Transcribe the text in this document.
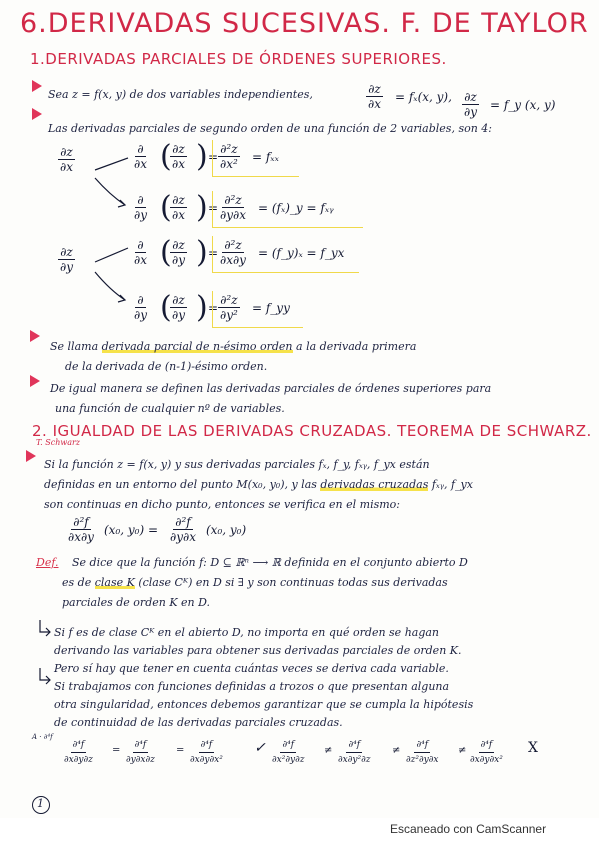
6.DERIVADAS SUCESIVAS. F. DE TAYLOR
1.DERIVADAS PARCIALES DE ÓRDENES SUPERIORES.
Sea z = f(x, y) de dos variables independientes,	$\frac{\partial z}{\partial x} = f_x(x$, y), $\frac{\partial z}{\partial y}$ = f_y (x, y)
Las derivadas parciales de segundo orden de una función de 2 variables, son 4:
$\frac{\partial z}{\partial x}$
$\frac{\partial z}{\partial y}$
∂
∂x (
$\frac{\partial z}{\partial x}$ ) = $\frac{\text{∂²z}}{\text{∂x²}} = f_{xx}$
∂
∂y (
$\frac{\partial z}{\partial x}$ ) = $\frac{\text{∂²z}}{\partial y\partial x}$ = (fₓ)_y = fₓᵧ
∂
∂x (
$\frac{\partial z}{\partial y}$ ) = $\frac{\text{∂²z}}{\partial x\partial y}$ = (f_y)ₓ = f_yx
∂
∂y (
$\frac{\partial z}{\partial y}$ ) = $\frac{\text{∂²z}}{\text{∂y²}}$ = f_yy
Se llama derivada parcial de n-ésimo orden a la derivada primera
de la derivada de (n-1)-ésimo orden.
De igual manera se definen las derivadas parciales de órdenes superiores para
una función de cualquier nº de variables.
2. IGUALDAD DE LAS DERIVADAS CRUZADAS. TEOREMA DE SCHWARZ.
T. Schwarz
Si la función z = f(x, y) y sus derivadas parciales fₓ, f_y, fₓᵧ, f_yx están
definidas en un entorno del punto M(x₀, y₀), y las derivadas cruzadas fₓᵧ, f_yx
son continuas en dicho punto, entonces se verifica en el mismo:
$\frac{\text{∂²f}}{\partial x\partial y} (x_0$, $y_0) = \frac{\text{∂²f}}{\partial y\partial x} (x_0$, y₀)
Def. Se dice que la función f: D ⊆ ℝⁿ ⟶ ℝ definida en el conjunto abierto D
es de clase K (clase Cᴷ) en D si ∃ y son continuas todas sus derivadas
parciales de orden K en D.
Si f es de clase Cᴷ en el abierto D, no importa en qué orden se hagan
derivando las variables para obtener sus derivadas parciales de orden K.
Pero sí hay que tener en cuenta cuántas veces se deriva cada variable.
Si trabajamos con funciones definidas a trozos o que presentan alguna
otra singularidad, entonces debemos garantizar que se cumpla la hipótesis
de continuidad de las derivadas parciales cruzadas.
A · ∂⁴f
$\frac{\text{∂⁴f}}{\partial x\partial y\partial z} = \frac{\text{∂⁴f}}{\partial y\partial x\partial z} = \frac{\text{∂⁴f}}{\text{∂x∂y∂x²}}$ ✓ $\frac{\text{∂⁴f}}{\text{∂x²∂y∂z}} \ne \frac{\text{∂⁴f}}{\text{∂x∂y²∂z}} \ne \frac{\text{∂⁴f}}{\text{∂z²∂y∂x}} \ne \frac{\text{∂⁴f}}{\text{∂x∂y∂x²}}$ X
1
Escaneado con CamScanner
